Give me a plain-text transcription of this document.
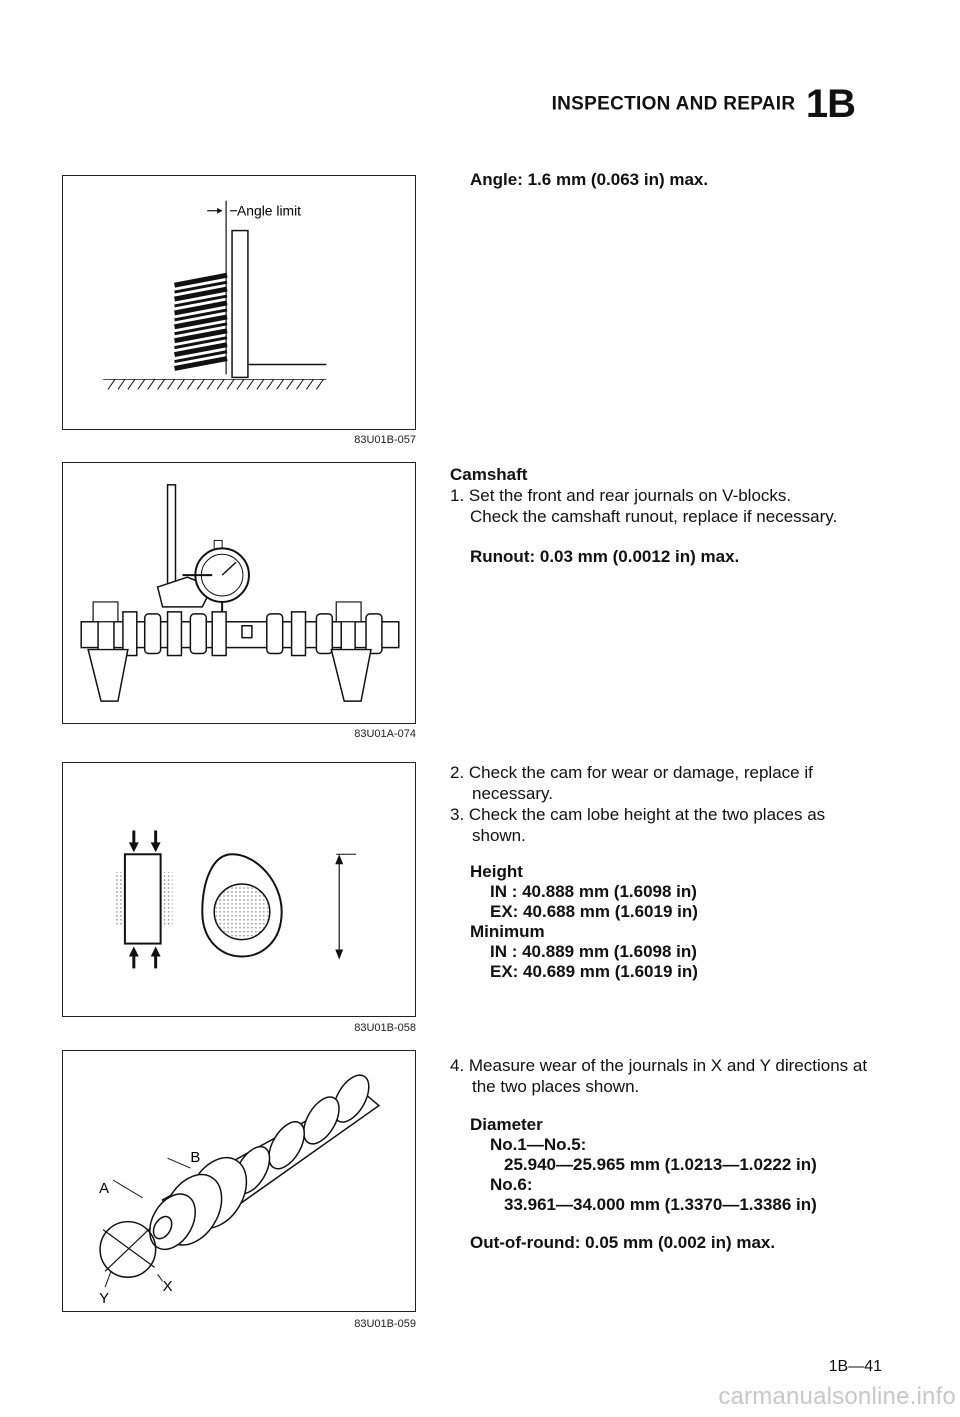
INSPECTION AND REPAIR 1B
Angle limit
83U01B-057
83U01A-074
83U01B-058
A
B
X
Y
83U01B-059
Angle: 1.6 mm (0.063 in) max.
Camshaft
1. Set the front and rear journals on V-blocks.
Check the camshaft runout, replace if necessary.
Runout: 0.03 mm (0.0012 in) max.
2. Check the cam for wear or damage, replace if necessary.
3. Check the cam lobe height at the two places as shown.
Height
IN : 40.888 mm (1.6098 in)
EX: 40.688 mm (1.6019 in)
Minimum
IN : 40.889 mm (1.6098 in)
EX: 40.689 mm (1.6019 in)
4. Measure wear of the journals in X and Y directions at the two places shown.
Diameter
No.1—No.5:
25.940—25.965 mm (1.0213—1.0222 in)
No.6:
33.961—34.000 mm (1.3370—1.3386 in)
Out-of-round: 0.05 mm (0.002 in) max.
1B—41
carmanualsonline.info
